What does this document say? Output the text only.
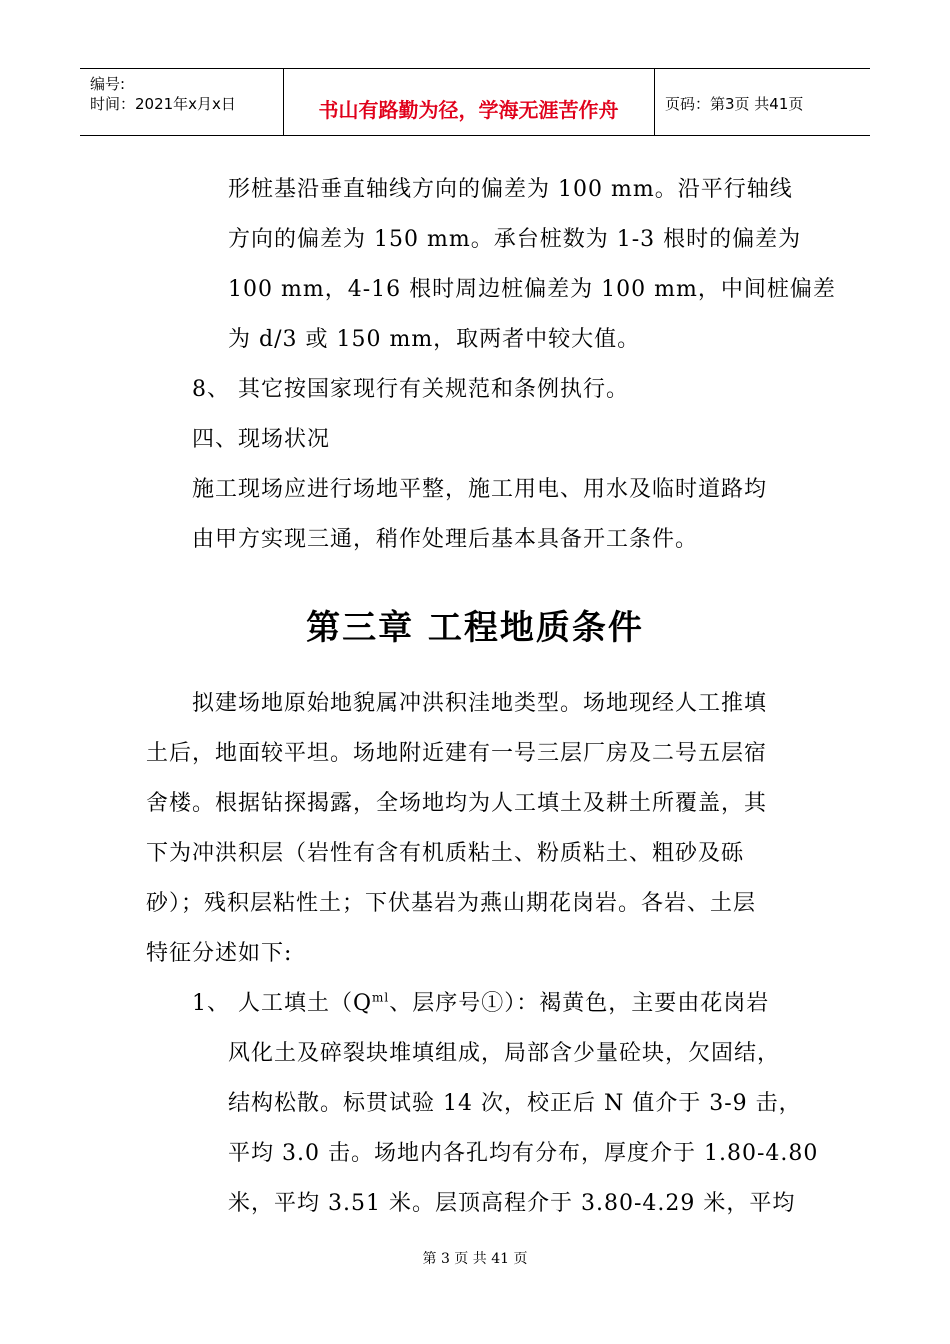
编号:
时间：2021年x月x日	书山有路勤为径，学海无涯苦作舟	页码：第3页 共41页
形桩基沿垂直轴线方向的偏差为 100 mm。沿平行轴线
方向的偏差为 150 mm。承台桩数为 1-3 根时的偏差为
100 mm，4-16 根时周边桩偏差为 100 mm，中间桩偏差
为 d/3 或 150 mm，取两者中较大值。
8、 其它按国家现行有关规范和条例执行。
四、现场状况
施工现场应进行场地平整，施工用电、用水及临时道路均
由甲方实现三通，稍作处理后基本具备开工条件。
第三章 工程地质条件
拟建场地原始地貌属冲洪积洼地类型。场地现经人工推填
土后，地面较平坦。场地附近建有一号三层厂房及二号五层宿
舍楼。根据钻探揭露，全场地均为人工填土及耕土所覆盖，其
下为冲洪积层（岩性有含有机质粘土、粉质粘土、粗砂及砾
砂）；残积层粘性土；下伏基岩为燕山期花岗岩。各岩、土层
特征分述如下:
1、 人工填土（$Q^{ml}$、层序号①）：褐黄色，主要由花岗岩
风化土及碎裂块堆填组成，局部含少量砼块，欠固结，
结构松散。标贯试验 14 次，校正后 N 值介于 3-9 击，
平均 3.0 击。场地内各孔均有分布，厚度介于 1.80-4.80
米，平均 3.51 米。层顶高程介于 3.80-4.29 米，平均
第 3 页 共 41 页
